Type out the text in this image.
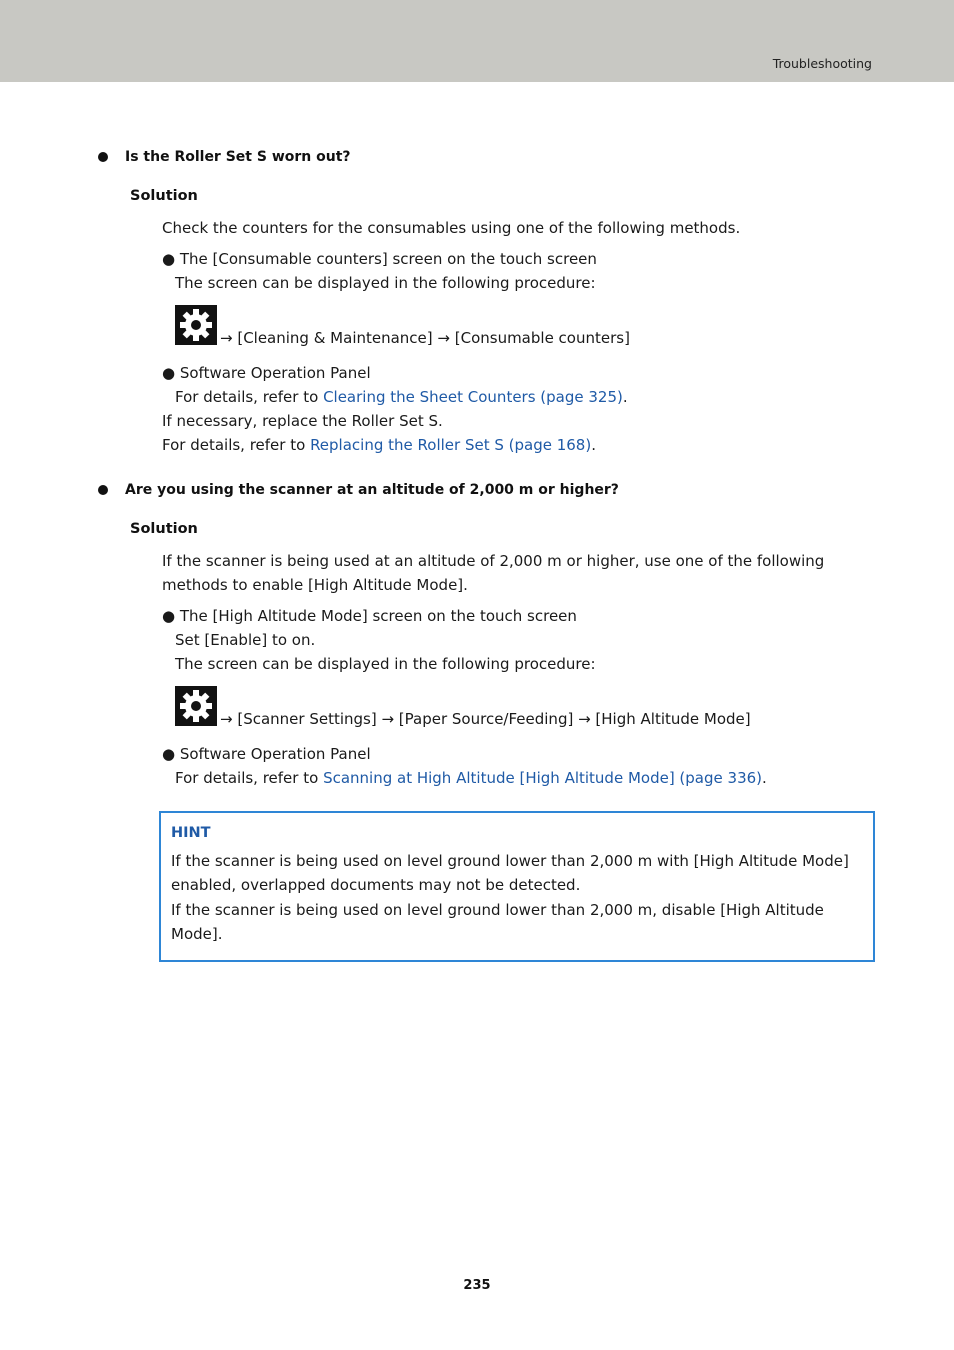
Troubleshooting
Is the Roller Set S worn out?
Solution
Check the counters for the consumables using one of the following methods.
● The [Consumable counters] screen on the touch screen
The screen can be displayed in the following procedure:
→ [Cleaning & Maintenance] → [Consumable counters]
● Software Operation Panel
For details, refer to Clearing the Sheet Counters (page 325).
If necessary, replace the Roller Set S.
For details, refer to Replacing the Roller Set S (page 168).
Are you using the scanner at an altitude of 2,000 m or higher?
Solution
If the scanner is being used at an altitude of 2,000 m or higher, use one of the following
methods to enable [High Altitude Mode].
● The [High Altitude Mode] screen on the touch screen
Set [Enable] to on.
The screen can be displayed in the following procedure:
→ [Scanner Settings] → [Paper Source/Feeding] → [High Altitude Mode]
● Software Operation Panel
For details, refer to Scanning at High Altitude [High Altitude Mode] (page 336).
HINT
If the scanner is being used on level ground lower than 2,000 m with [High Altitude Mode]
enabled, overlapped documents may not be detected.
If the scanner is being used on level ground lower than 2,000 m, disable [High Altitude
Mode].
235
